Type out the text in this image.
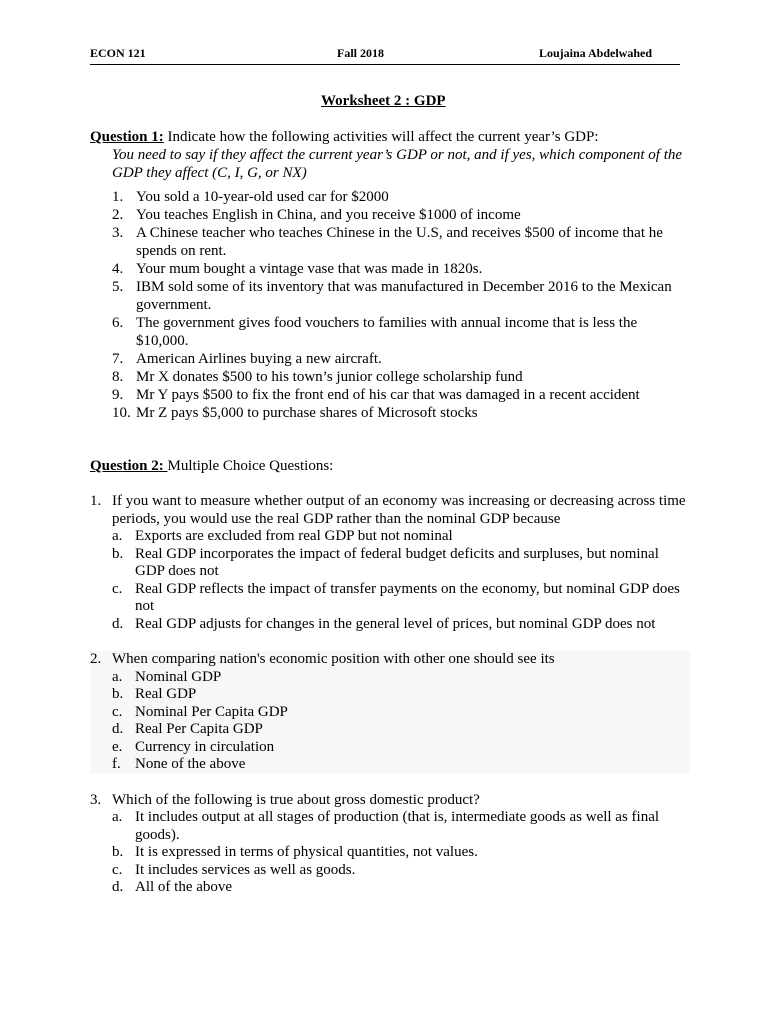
ECON 121	Fall 2018	Loujaina Abdelwahed
Worksheet 2 : GDP
Question 1: Indicate how the following activities will affect the current year’s GDP:
You need to say if they affect the current year’s GDP or not, and if yes, which component of the GDP they affect (C, I, G, or NX)
1. You sold a 10-year-old used car for $2000
2. You teaches English in China, and you receive $1000 of income
3. A Chinese teacher who teaches Chinese in the U.S, and receives $500 of income that he spends on rent.
4. Your mum bought a vintage vase that was made in 1820s.
5. IBM sold some of its inventory that was manufactured in December 2016 to the Mexican government.
6. The government gives food vouchers to families with annual income that is less the $10,000.
7. American Airlines buying a new aircraft.
8. Mr X donates $500 to his town’s junior college scholarship fund
9. Mr Y pays $500 to fix the front end of his car that was damaged in a recent accident
10. Mr Z pays $5,000 to purchase shares of Microsoft stocks
Question 2: Multiple Choice Questions:
1. If you want to measure whether output of an economy was increasing or decreasing across time periods, you would use the real GDP rather than the nominal GDP because
a. Exports are excluded from real GDP but not nominal
b. Real GDP incorporates the impact of federal budget deficits and surpluses, but nominal GDP does not
c. Real GDP reflects the impact of transfer payments on the economy, but nominal GDP does not
d. Real GDP adjusts for changes in the general level of prices, but nominal GDP does not
2. When comparing nation's economic position with other one should see its
a. Nominal GDP
b. Real GDP
c. Nominal Per Capita GDP
d. Real Per Capita GDP
e. Currency in circulation
f. None of the above
3. Which of the following is true about gross domestic product?
a. It includes output at all stages of production (that is, intermediate goods as well as final goods).
b. It is expressed in terms of physical quantities, not values.
c. It includes services as well as goods.
d. All of the above
